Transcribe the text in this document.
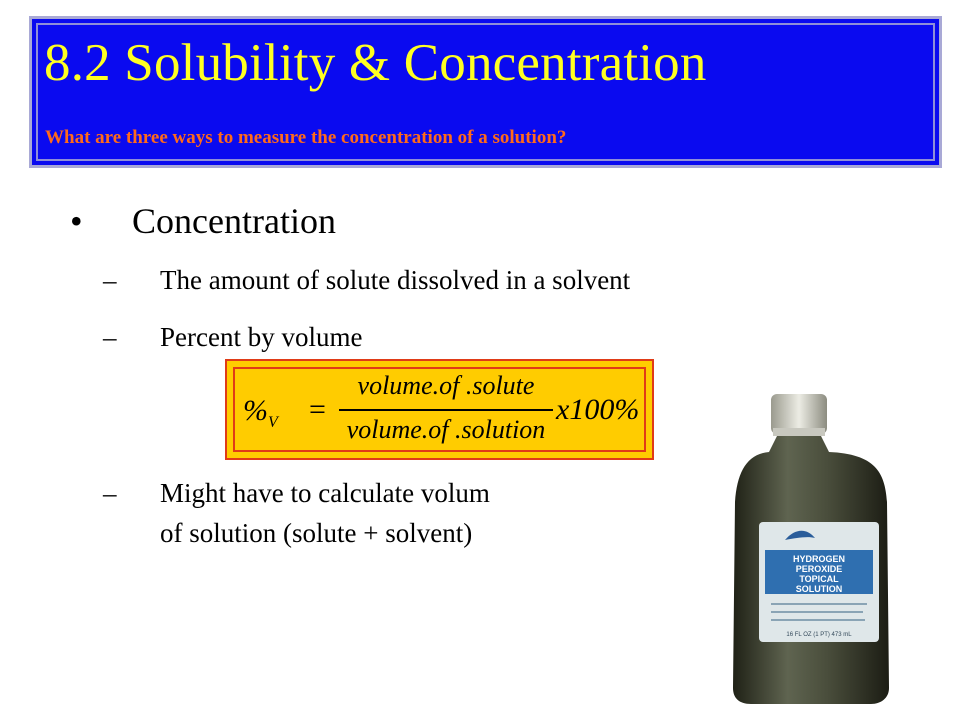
8.2 Solubility & Concentration
What are three ways to measure the concentration of a solution?
• Concentration
– The amount of solute dissolved in a solvent
– Percent by volume
$\%_V$ =
volume.of .solute
volume.of .solution
x100%
– Might have to calculate volum
of solution (solute + solvent)
HYDROGEN
PEROXIDE
TOPICAL
SOLUTION
16 FL OZ (1 PT) 473 mL
